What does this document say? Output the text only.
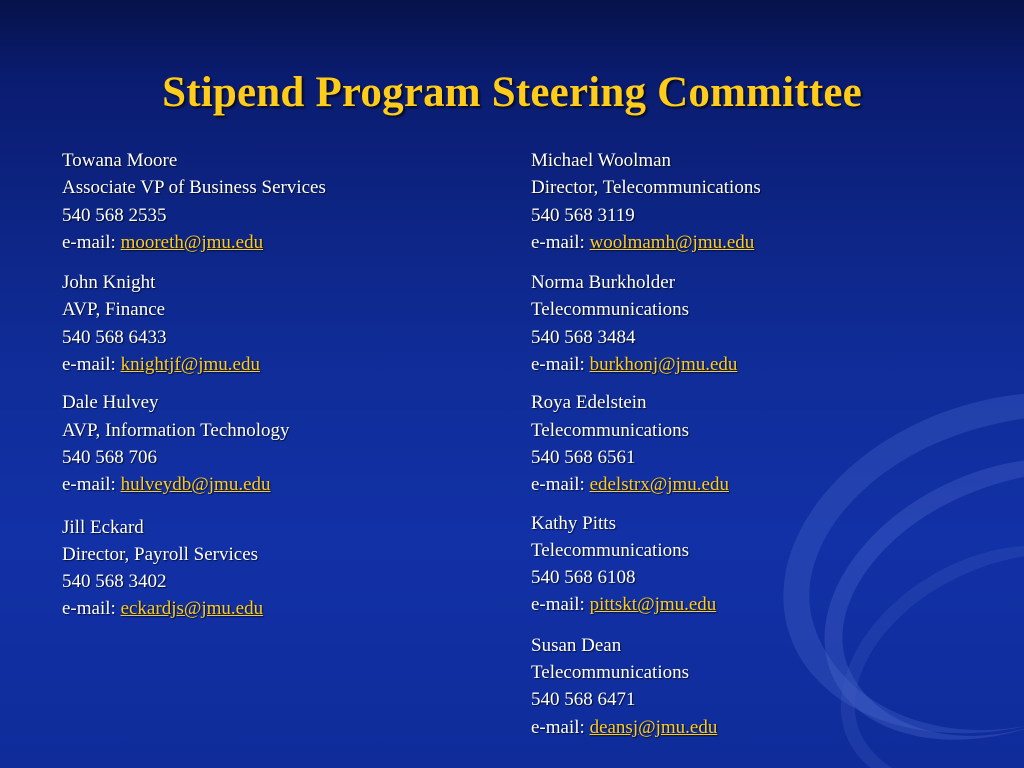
Stipend Program Steering Committee
Towana Moore
Associate VP of Business Services
540 568 2535
e-mail: mooreth@jmu.edu
John Knight
AVP, Finance
540 568 6433
e-mail: knightjf@jmu.edu
Dale Hulvey
AVP, Information Technology
540 568 706
e-mail: hulveydb@jmu.edu
Jill Eckard
Director, Payroll Services
540 568 3402
e-mail: eckardjs@jmu.edu
Michael Woolman
Director, Telecommunications
540 568 3119
e-mail: woolmamh@jmu.edu
Norma Burkholder
Telecommunications
540 568 3484
e-mail: burkhonj@jmu.edu
Roya Edelstein
Telecommunications
540 568 6561
e-mail: edelstrx@jmu.edu
Kathy Pitts
Telecommunications
540 568 6108
e-mail: pittskt@jmu.edu
Susan Dean
Telecommunications
540 568 6471
e-mail: deansj@jmu.edu
